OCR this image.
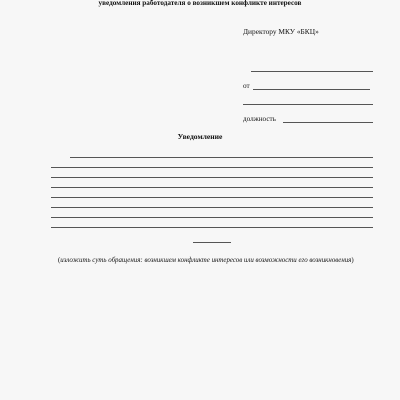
уведомления работодателя о возникшем конфликте интересов
Директору МКУ «БКЦ»
от
должность
Уведомление
(изложить суть обращения: возникшем конфликте интересов или возможности его возникновения)
